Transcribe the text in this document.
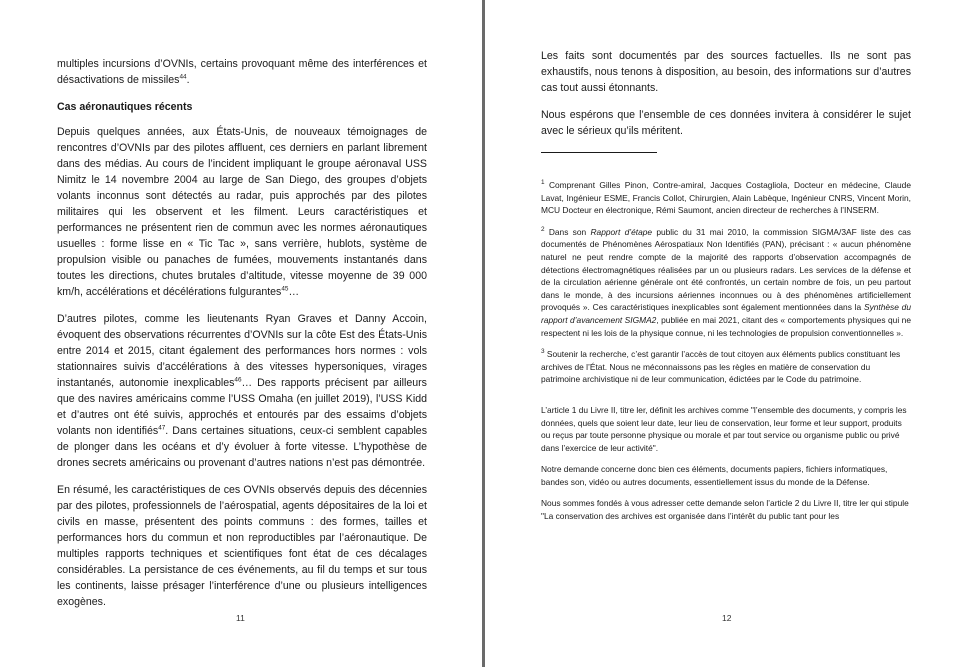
multiples incursions d’OVNIs, certains provoquant même des interférences et désactivations de missiles$^{44}$.

Cas aéronautiques récents

Depuis quelques années, aux États-Unis, de nouveaux témoignages de rencontres d’OVNIs par des pilotes affluent, ces derniers en parlant librement dans des médias. Au cours de l’incident impliquant le groupe aéronaval USS Nimitz le 14 novembre 2004 au large de San Diego, des groupes d’objets volants inconnus sont détectés au radar, puis approchés par des pilotes militaires qui les observent et les filment. Leurs caractéristiques et performances ne présentent rien de commun avec les normes aéronautiques usuelles : forme lisse en « Tic Tac », sans verrière, hublots, système de propulsion visible ou panaches de fumées, mouvements instantanés dans toutes les directions, chutes brutales d’altitude, vitesse moyenne de 39 000 km/h, accélérations et décélérations fulgurantes$^{45}$…

D’autres pilotes, comme les lieutenants Ryan Graves et Danny Accoin, évoquent des observations récurrentes d’OVNIs sur la côte Est des États-Unis entre 2014 et 2015, citant également des performances hors normes : vols stationnaires suivis d’accélérations à des vitesses hypersoniques, virages instantanés, autonomie inexplicables$^{46}$… Des rapports précisent par ailleurs que des navires américains comme l’USS Omaha (en juillet 2019), l’USS Kidd et d’autres ont été suivis, approchés et entourés par des essaims d’objets volants non identifiés$^{47}$. Dans certaines situations, ceux-ci semblent capables de plonger dans les océans et d’y évoluer à forte vitesse. L’hypothèse de drones secrets américains ou provenant d’autres nations n’est pas démontrée.

En résumé, les caractéristiques de ces OVNIs observés depuis des décennies par des pilotes, professionnels de l’aérospatial, agents dépositaires de la loi et civils en masse, présentent des points communs : des formes, tailles et performances hors du commun et non reproductibles par l’aéronautique. De multiples rapports techniques et scientifiques font état de ces décalages considérables. La persistance de ces événements, au fil du temps et sur tous les continents, laisse présager l’interférence d’une ou plusieurs intelligences exogènes.

11

Les faits sont documentés par des sources factuelles. Ils ne sont pas exhaustifs, nous tenons à disposition, au besoin, des informations sur d’autres cas tout aussi étonnants.

Nous espérons que l’ensemble de ces données invitera à considérer le sujet avec le sérieux qu’ils méritent.

$^1$ Comprenant Gilles Pinon, Contre-amiral, Jacques Costagliola, Docteur en médecine, Claude Lavat, Ingénieur ESME, Francis Collot, Chirurgien, Alain Labèque, Ingénieur CNRS, Vincent Morin, MCU Docteur en électronique, Rémi Saumont, ancien directeur de recherches à l’INSERM.

$^2$ Dans son Rapport d’étape public du 31 mai 2010, la commission SIGMA/3AF liste des cas documentés de Phénomènes Aérospatiaux Non Identifiés (PAN), précisant : « aucun phénomène naturel ne peut rendre compte de la majorité des rapports d’observation accompagnés de détections électromagnétiques réalisées par un ou plusieurs radars. Les services de la défense et de la circulation aérienne générale ont été confrontés, un certain nombre de fois, un peu partout dans le monde, à des incursions aériennes inconnues ou à des phénomènes artificiellement provoqués ». Ces caractéristiques inexplicables sont également mentionnées dans la Synthèse du rapport d’avancement SIGMA2, publiée en mai 2021, citant des « comportements physiques qui ne respectent ni les lois de la physique connue, ni les technologies de propulsion conventionnelles ».

$^3$ Soutenir la recherche, c’est garantir l’accès de tout citoyen aux éléments publics constituant les archives de l’État. Nous ne méconnaissons pas les règles en matière de conservation du patrimoine archivistique ni de leur communication, édictées par le Code du patrimoine.

L’article 1 du Livre II, titre ler, définit les archives comme "l’ensemble des documents, y compris les données, quels que soient leur date, leur lieu de conservation, leur forme et leur support, produits ou reçus par toute personne physique ou morale et par tout service ou organisme public ou privé dans l’exercice de leur activité".

Notre demande concerne donc bien ces éléments, documents papiers, fichiers informatiques, bandes son, vidéo ou autres documents, essentiellement issus du monde de la Défense.

Nous sommes fondés à vous adresser cette demande selon l’article 2 du Livre II, titre ler qui stipule "La conservation des archives est organisée dans l’intérêt du public tant pour les

12
